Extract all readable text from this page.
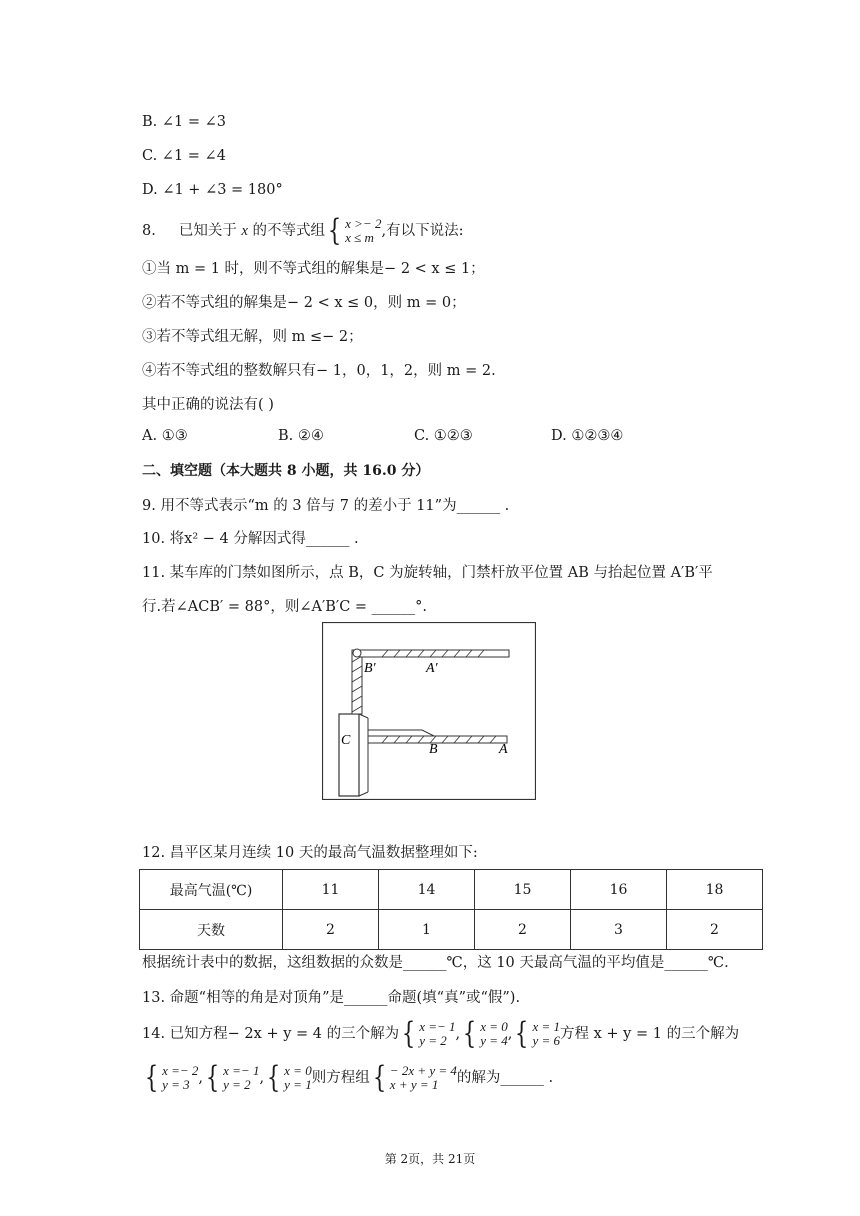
B. ∠1 = ∠3
C. ∠1 = ∠4
D. ∠1 + ∠3 = 180°
8. 已知关于 x 的不等式组 { x >− 2
x ≤ m ,有以下说法:
①当 m = 1 时，则不等式组的解集是− 2 < x ≤ 1；
②若不等式组的解集是− 2 < x ≤ 0，则 m = 0；
③若不等式组无解，则 m ≤− 2；
④若不等式组的整数解只有− 1，0，1，2，则 m = 2.
其中正确的说法有( )
A. ①③	B. ②④	C. ①②③	D. ①②③④
二、填空题（本大题共 8 小题，共 16.0 分）
9. 用不等式表示“m 的 3 倍与 7 的差小于 11”为______ .
10. 将x² − 4 分解因式得______ .
11. 某车库的门禁如图所示，点 B，C 为旋转轴，门禁杆放平位置 AB 与抬起位置 A′B′平
行.若∠ACB′ = 88°，则∠A′B′C = ______°.
B′	A′
C
B	A
12. 昌平区某月连续 10 天的最高气温数据整理如下:
最高气温(℃)	11	14	15	16	18
天数	2	1	2	3	2
根据统计表中的数据，这组数据的众数是______℃，这 10 天最高气温的平均值是______℃.
13. 命题“相等的角是对顶角”是______命题(填“真”或“假”).
14. 已知方程− 2x + y = 4 的三个解为 { x =− 1
y = 2 , { x = 0
y = 4 , { x = 1
y = 6 方程 x + y = 1 的三个解为
{ x =− 2
y = 3 , { x =− 1
y = 2 , { x = 0
y = 1 则方程组 { − 2x + y = 4
x + y = 1	的解为______ .
第 2页，共 21页
